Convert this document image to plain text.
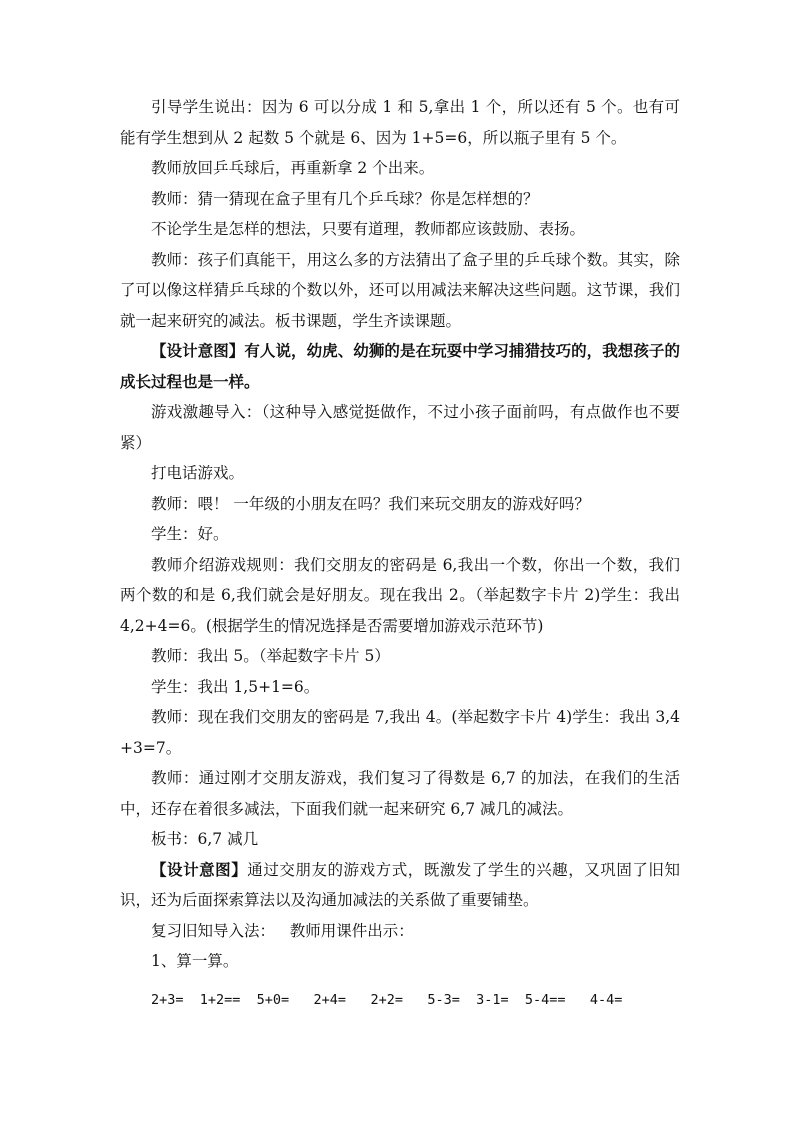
引导学生说出：因为 6 可以分成 1 和 5,拿出 1 个，所以还有 5 个。也有可能有学生想到从 2 起数 5 个就是 6、因为 1+5=6，所以瓶子里有 5 个。

教师放回乒乓球后，再重新拿 2 个出来。

教师：猜一猜现在盒子里有几个乒乓球？你是怎样想的？

不论学生是怎样的想法，只要有道理，教师都应该鼓励、表扬。

教师：孩子们真能干，用这么多的方法猜出了盒子里的乒乓球个数。其实，除了可以像这样猜乒乓球的个数以外，还可以用减法来解决这些问题。这节课，我们就一起来研究的减法。板书课题，学生齐读课题。

【设计意图】有人说，幼虎、幼狮的是在玩耍中学习捕猎技巧的，我想孩子的成长过程也是一样。

游戏激趣导入：（这种导入感觉挺做作，不过小孩子面前吗，有点做作也不要紧）

打电话游戏。

教师：喂！ 一年级的小朋友在吗？我们来玩交朋友的游戏好吗？

学生：好。

教师介绍游戏规则：我们交朋友的密码是 6,我出一个数，你出一个数，我们两个数的和是 6,我们就会是好朋友。现在我出 2。（举起数字卡片 2)学生：我出 4,2+4=6。(根据学生的情况选择是否需要增加游戏示范环节)

教师：我出 5。（举起数字卡片 5）

学生：我出 1,5+1=6。

教师：现在我们交朋友的密码是 7,我出 4。(举起数字卡片 4)学生：我出 3,4+3=7。

教师：通过刚才交朋友游戏，我们复习了得数是 6,7 的加法，在我们的生活中，还存在着很多减法，下面我们就一起来研究 6,7 减几的减法。

板书：6,7 减几

【设计意图】通过交朋友的游戏方式，既激发了学生的兴趣，又巩固了旧知识，还为后面探索算法以及沟通加减法的关系做了重要铺垫。

复习旧知导入法：   教师用课件出示：

1、算一算。

2+3=  1+2==  5+0=   2+4=   2+2=   5-3=  3-1=  5-4==   4-4=
